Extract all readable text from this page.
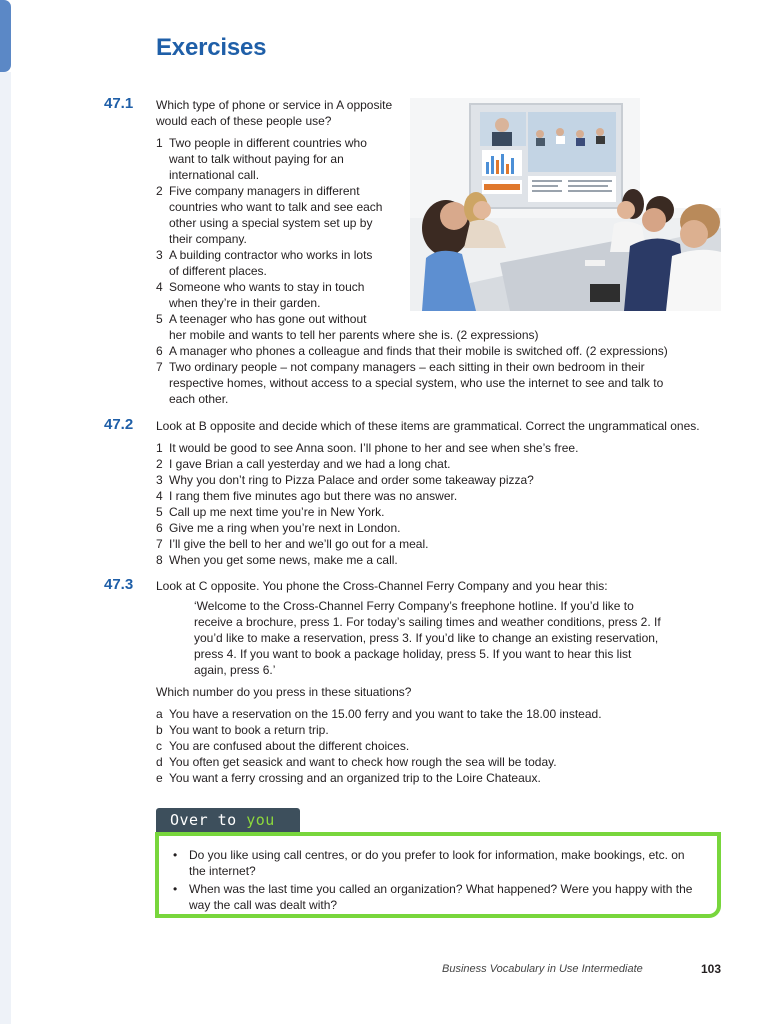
Exercises
47.1 Which type of phone or service in A opposite
would each of these people use?

1 Two people in different countries who
want to talk without paying for an
international call.
2 Five company managers in different
countries who want to talk and see each
other using a special system set up by
their company.
3 A building contractor who works in lots
of different places.
4 Someone who wants to stay in touch
when they’re in their garden.
5 A teenager who has gone out without
her mobile and wants to tell her parents where she is. (2 expressions)
6 A manager who phones a colleague and finds that their mobile is switched off. (2 expressions)
7 Two ordinary people – not company managers – each sitting in their own bedroom in their
respective homes, without access to a special system, who use the internet to see and talk to
each other.
47.2 Look at B opposite and decide which of these items are grammatical. Correct the ungrammatical ones.

1 It would be good to see Anna soon. I’ll phone to her and see when she’s free.
2 I gave Brian a call yesterday and we had a long chat.
3 Why you don’t ring to Pizza Palace and order some takeaway pizza?
4 I rang them five minutes ago but there was no answer.
5 Call up me next time you’re in New York.
6 Give me a ring when you’re next in London.
7 I’ll give the bell to her and we’ll go out for a meal.
8 When you get some news, make me a call.
47.3 Look at C opposite. You phone the Cross-Channel Ferry Company and you hear this:

‘Welcome to the Cross-Channel Ferry Company’s freephone hotline. If you’d like to
receive a brochure, press 1. For today’s sailing times and weather conditions, press 2. If
you’d like to make a reservation, press 3. If you’d like to change an existing reservation,
press 4. If you want to book a package holiday, press 5. If you want to hear this list
again, press 6.’

Which number do you press in these situations?

a You have a reservation on the 15.00 ferry and you want to take the 18.00 instead.
b You want to book a return trip.
c You are confused about the different choices.
d You often get seasick and want to check how rough the sea will be today.
e You want a ferry crossing and an organized trip to the Loire Chateaux.
Over to you
• Do you like using call centres, or do you prefer to look for information, make bookings, etc. on
the internet?
• When was the last time you called an organization? What happened? Were you happy with the
way the call was dealt with?
Business Vocabulary in Use Intermediate	103
